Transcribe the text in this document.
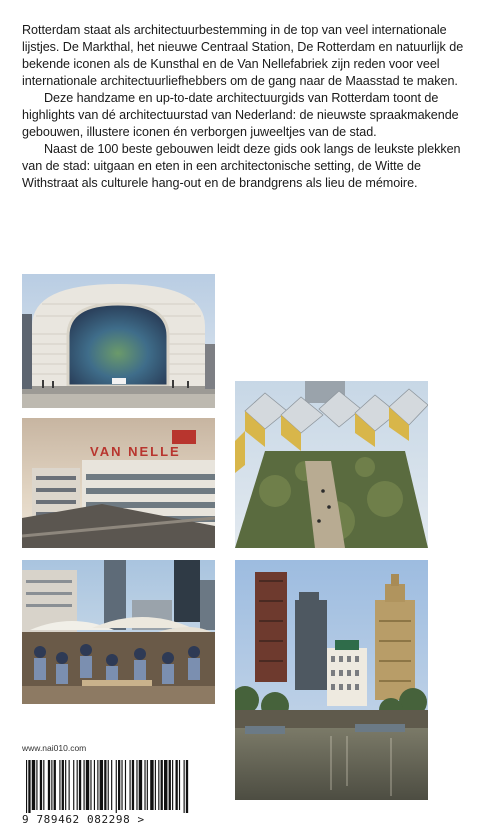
Rotterdam staat als architectuurbestemming in de top van veel internationale lijstjes. De Markthal, het nieuwe Centraal Station, De Rotterdam en natuurlijk de bekende iconen als de Kunsthal en de Van Nellefabriek zijn reden voor veel internationale architectuurliefhebbers om de gang naar de Maasstad te maken.

Deze handzame en up-to-date architectuurgids van Rotterdam toont de highlights van dé architectuurstad van Nederland: de nieuwste spraakmakende gebouwen, illustere iconen én verborgen juweeltjes van de stad.

Naast de 100 beste gebouwen leidt deze gids ook langs de leukste plekken van de stad: uitgaan en eten in een architectonische setting, de Witte de Withstraat als culturele hang-out en de brandgrens als lieu de mémoire.

VAN NELLE
www.nai010.com
9 789462 082298 >
